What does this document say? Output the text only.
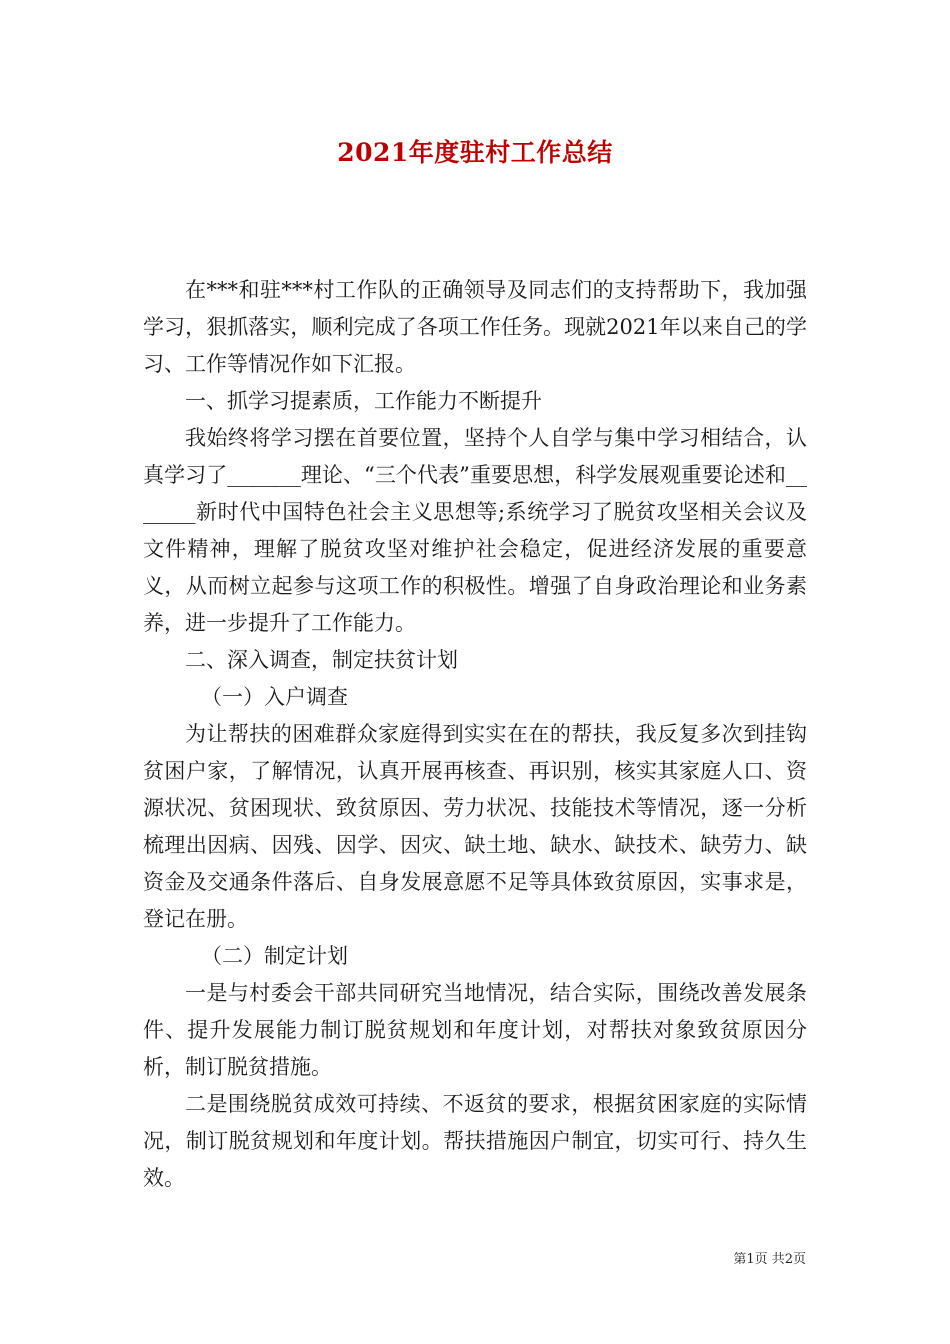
2021年度驻村工作总结

在***和驻***村工作队的正确领导及同志们的支持帮助下，我加强学习，狠抓落实，顺利完成了各项工作任务。现就2021年以来自己的学习、工作等情况作如下汇报。

一、抓学习提素质，工作能力不断提升

我始终将学习摆在首要位置，坚持个人自学与集中学习相结合，认真学习了_______理论、“三个代表”重要思想，科学发展观重要论述和_______新时代中国特色社会主义思想等;系统学习了脱贫攻坚相关会议及文件精神，理解了脱贫攻坚对维护社会稳定，促进经济发展的重要意义，从而树立起参与这项工作的积极性。增强了自身政治理论和业务素养，进一步提升了工作能力。

二、深入调查，制定扶贫计划

（一）入户调查

为让帮扶的困难群众家庭得到实实在在的帮扶，我反复多次到挂钩贫困户家，了解情况，认真开展再核查、再识别，核实其家庭人口、资源状况、贫困现状、致贫原因、劳力状况、技能技术等情况，逐一分析梳理出因病、因残、因学、因灾、缺土地、缺水、缺技术、缺劳力、缺资金及交通条件落后、自身发展意愿不足等具体致贫原因，实事求是，登记在册。

（二）制定计划

一是与村委会干部共同研究当地情况，结合实际，围绕改善发展条件、提升发展能力制订脱贫规划和年度计划，对帮扶对象致贫原因分析，制订脱贫措施。

二是围绕脱贫成效可持续、不返贫的要求，根据贫困家庭的实际情况，制订脱贫规划和年度计划。帮扶措施因户制宜，切实可行、持久生效。

第1页 共2页
